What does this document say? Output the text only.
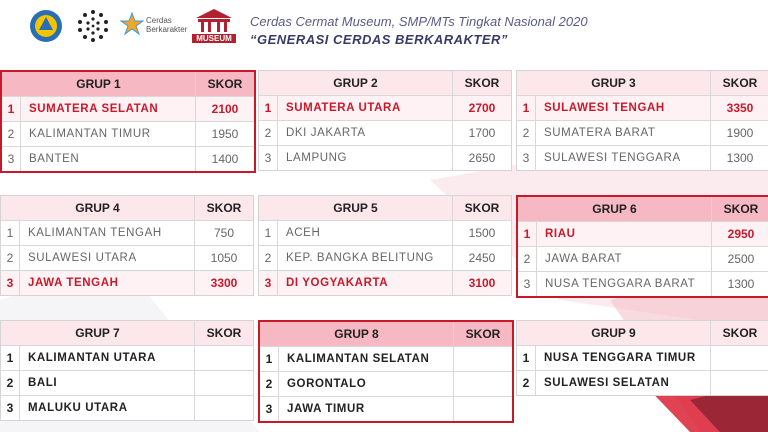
Cerdas
Berkarakter
MUSEUM
Cerdas Cermat Museum, SMP/MTs Tingkat Nasional 2020
“GENERASI CERDAS BERKARAKTER”
GRUP 1	SKOR
1	SUMATERA SELATAN	2100
2	KALIMANTAN TIMUR	1950
3	BANTEN	1400
GRUP 2	SKOR
1	SUMATERA UTARA	2700
2	DKI JAKARTA	1700
3	LAMPUNG	2650
GRUP 3	SKOR
1	SULAWESI TENGAH	3350
2	SUMATERA BARAT	1900
3	SULAWESI TENGGARA	1300
GRUP 4	SKOR
1	KALIMANTAN TENGAH	750
2	SULAWESI UTARA	1050
3	JAWA TENGAH	3300
GRUP 5	SKOR
1	ACEH	1500
2	KEP. BANGKA BELITUNG	2450
3	DI YOGYAKARTA	3100
GRUP 6	SKOR
1	RIAU	2950
2	JAWA BARAT	2500
3	NUSA TENGGARA BARAT	1300
GRUP 7	SKOR
1	KALIMANTAN UTARA
2	BALI
3	MALUKU UTARA
GRUP 8	SKOR
1	KALIMANTAN SELATAN
2	GORONTALO
3	JAWA TIMUR
GRUP 9	SKOR
1	NUSA TENGGARA TIMUR
2	SULAWESI SELATAN
